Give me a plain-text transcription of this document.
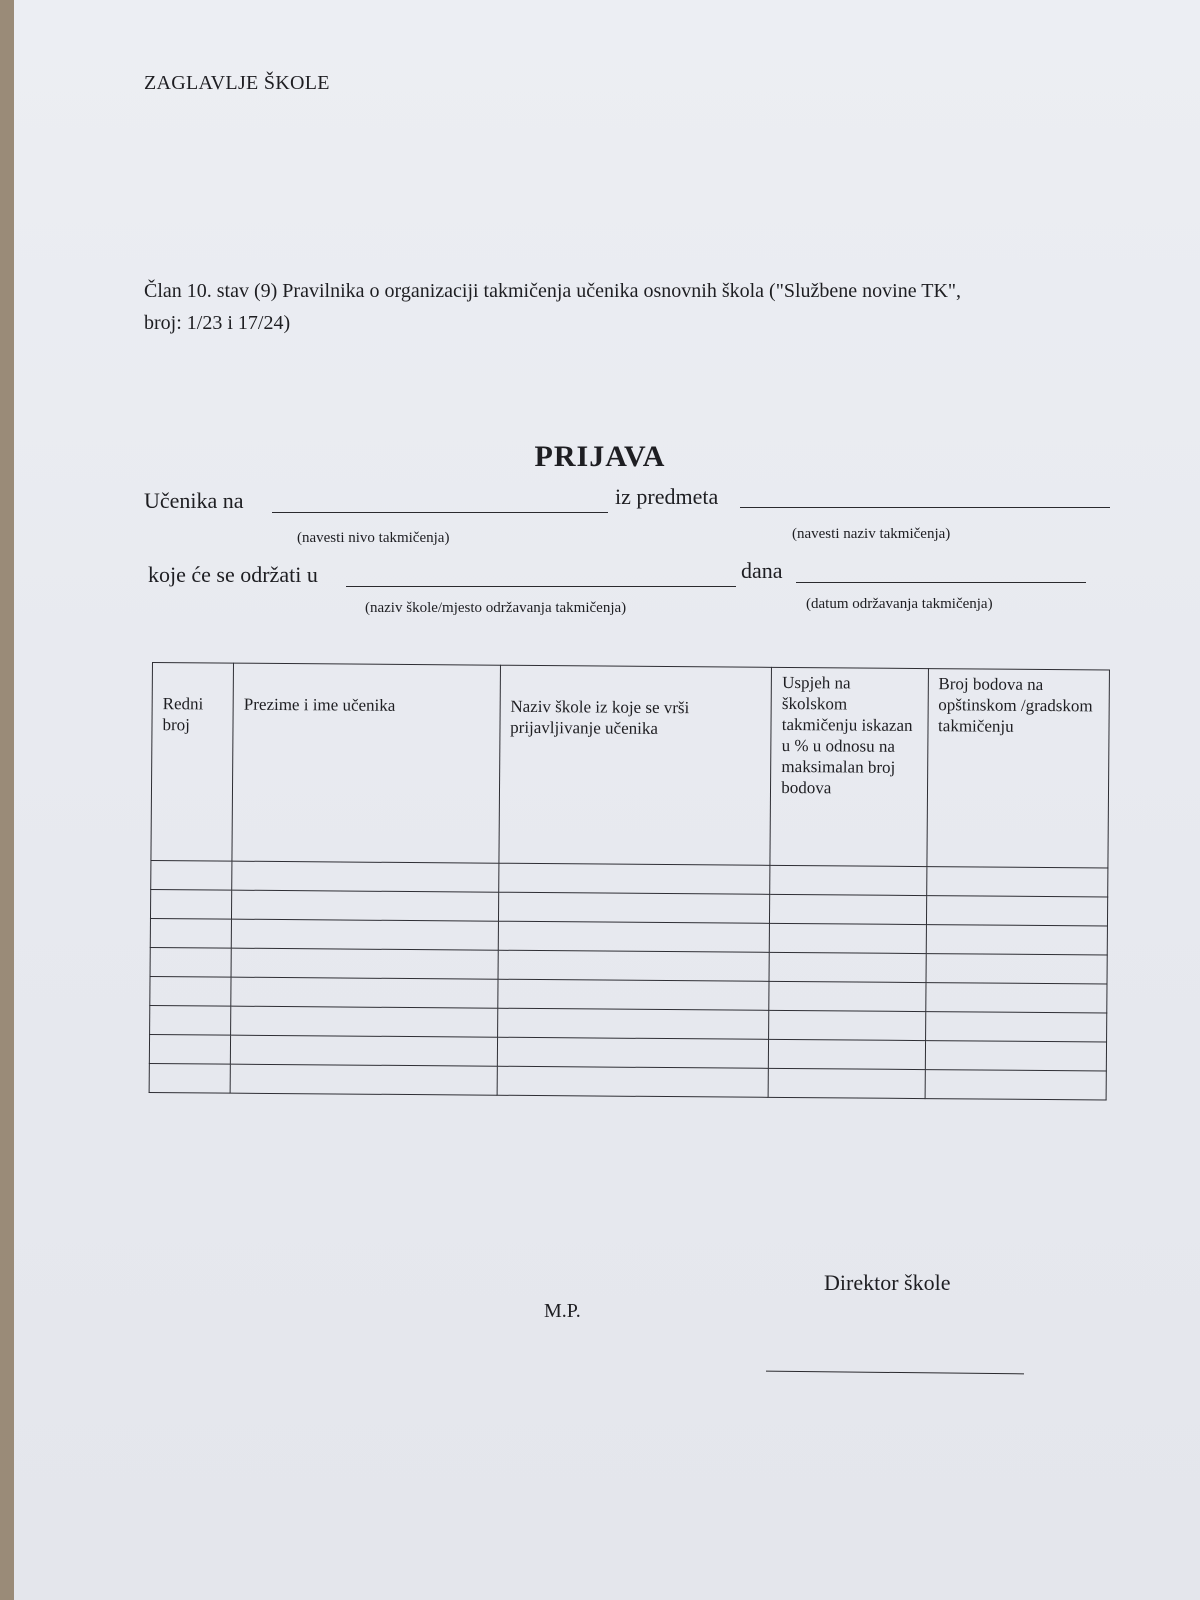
ZAGLAVLJE ŠKOLE
Član 10. stav (9) Pravilnika o organizaciji takmičenja učenika osnovnih škola ("Službene novine TK",
broj: 1/23 i 17/24)
PRIJAVA
Učenika na	iz predmeta
(navesti nivo takmičenja)	(navesti naziv takmičenja)
koje će se održati u	dana
(naziv škole/mjesto održavanja takmičenja)	(datum održavanja takmičenja)
Redni broj	Prezime i ime učenika	Naziv škole iz koje se vrši prijavljivanje učenika	Uspjeh na školskom takmičenju iskazan u % u odnosu na maksimalan broj bodova	Broj bodova na opštinskom /gradskom takmičenju

Direktor škole
M.P.
